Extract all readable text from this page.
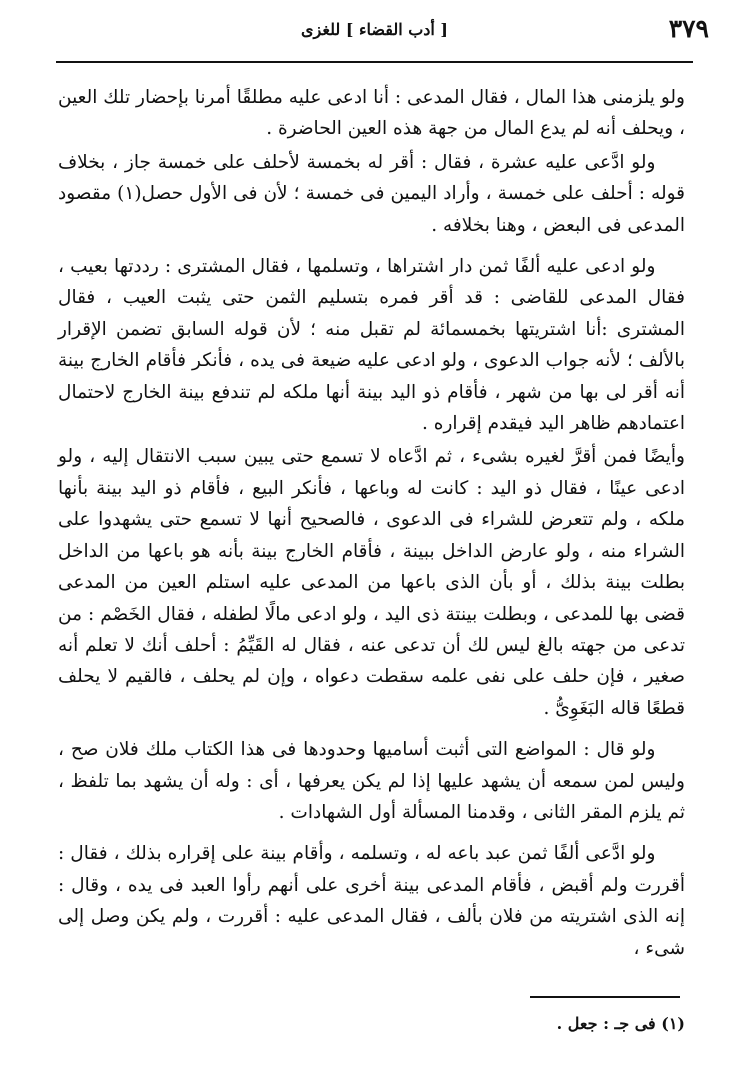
٣٧٩
[ أدب القضاء ] للغزى

ولو يلزمنى هذا المال ، فقال المدعى : أنا ادعى عليه مطلقًا أمرنا بإحضار تلك العين ، ويحلف أنه لم يدع المال من جهة هذه العين الحاضرة .

ولو ادَّعى عليه عشرة ، فقال : أقر له بخمسة لأحلف على خمسة جاز ، بخلاف قوله : أحلف على خمسة ، وأراد اليمين فى خمسة ؛ لأن فى الأول حصل(١) مقصود المدعى فى البعض ، وهنا بخلافه .

ولو ادعى عليه ألفًا ثمن دار اشتراها ، وتسلمها ، فقال المشترى : رددتها بعيب ، فقال المدعى للقاضى : قد أقر فمره بتسليم الثمن حتى يثبت العيب ، فقال المشترى :أنا اشتريتها بخمسمائة لم تقبل منه ؛ لأن قوله السابق تضمن الإقرار بالألف ؛ لأنه جواب الدعوى ، ولو ادعى عليه ضيعة فى يده ، فأنكر فأقام الخارج بينة أنه أقر لى بها من شهر ، فأقام ذو اليد بينة أنها ملكه لم تندفع بينة الخارج لاحتمال اعتمادهم ظاهر اليد فيقدم إقراره .

وأيضًا فمن أقرَّ لغيره بشىء ، ثم ادَّعاه لا تسمع حتى يبين سبب الانتقال إليه ، ولو ادعى عينًا ، فقال ذو اليد : كانت له وباعها ، فأنكر البيع ، فأقام ذو اليد بينة بأنها ملكه ، ولم تتعرض للشراء فى الدعوى ، فالصحيح أنها لا تسمع حتى يشهدوا على الشراء منه ، ولو عارض الداخل ببينة ، فأقام الخارج بينة بأنه هو باعها من الداخل بطلت بينة بذلك ، أو بأن الذى باعها من المدعى عليه استلم العين من المدعى قضى بها للمدعى ، وبطلت بينتة ذى اليد ، ولو ادعى مالًا لطفله ، فقال الخَصْم : من تدعى من جهته بالغ ليس لك أن تدعى عنه ، فقال له القَيِّمُ : أحلف أنك لا تعلم أنه صغير ، فإن حلف على نفى علمه سقطت دعواه ، وإن لم يحلف ، فالقيم لا يحلف قطعًا قاله البَغَوِىُّ .

ولو قال : المواضع التى أثبت أساميها وحدودها فى هذا الكتاب ملك فلان صح ، وليس لمن سمعه أن يشهد عليها إذا لم يكن يعرفها ، أى : وله أن يشهد بما تلفظ ، ثم يلزم المقر الثانى ، وقدمنا المسألة أول الشهادات .

ولو ادَّعى ألفًا ثمن عبد باعه له ، وتسلمه ، وأقام بينة على إقراره بذلك ، فقال : أقررت ولم أقبض ، فأقام المدعى بينة أخرى على أنهم رأوا العبد فى يده ، وقال : إنه الذى اشتريته من فلان بألف ، فقال المدعى عليه : أقررت ، ولم يكن وصل إلى شىء ،

(١) فى جـ : جعل .
